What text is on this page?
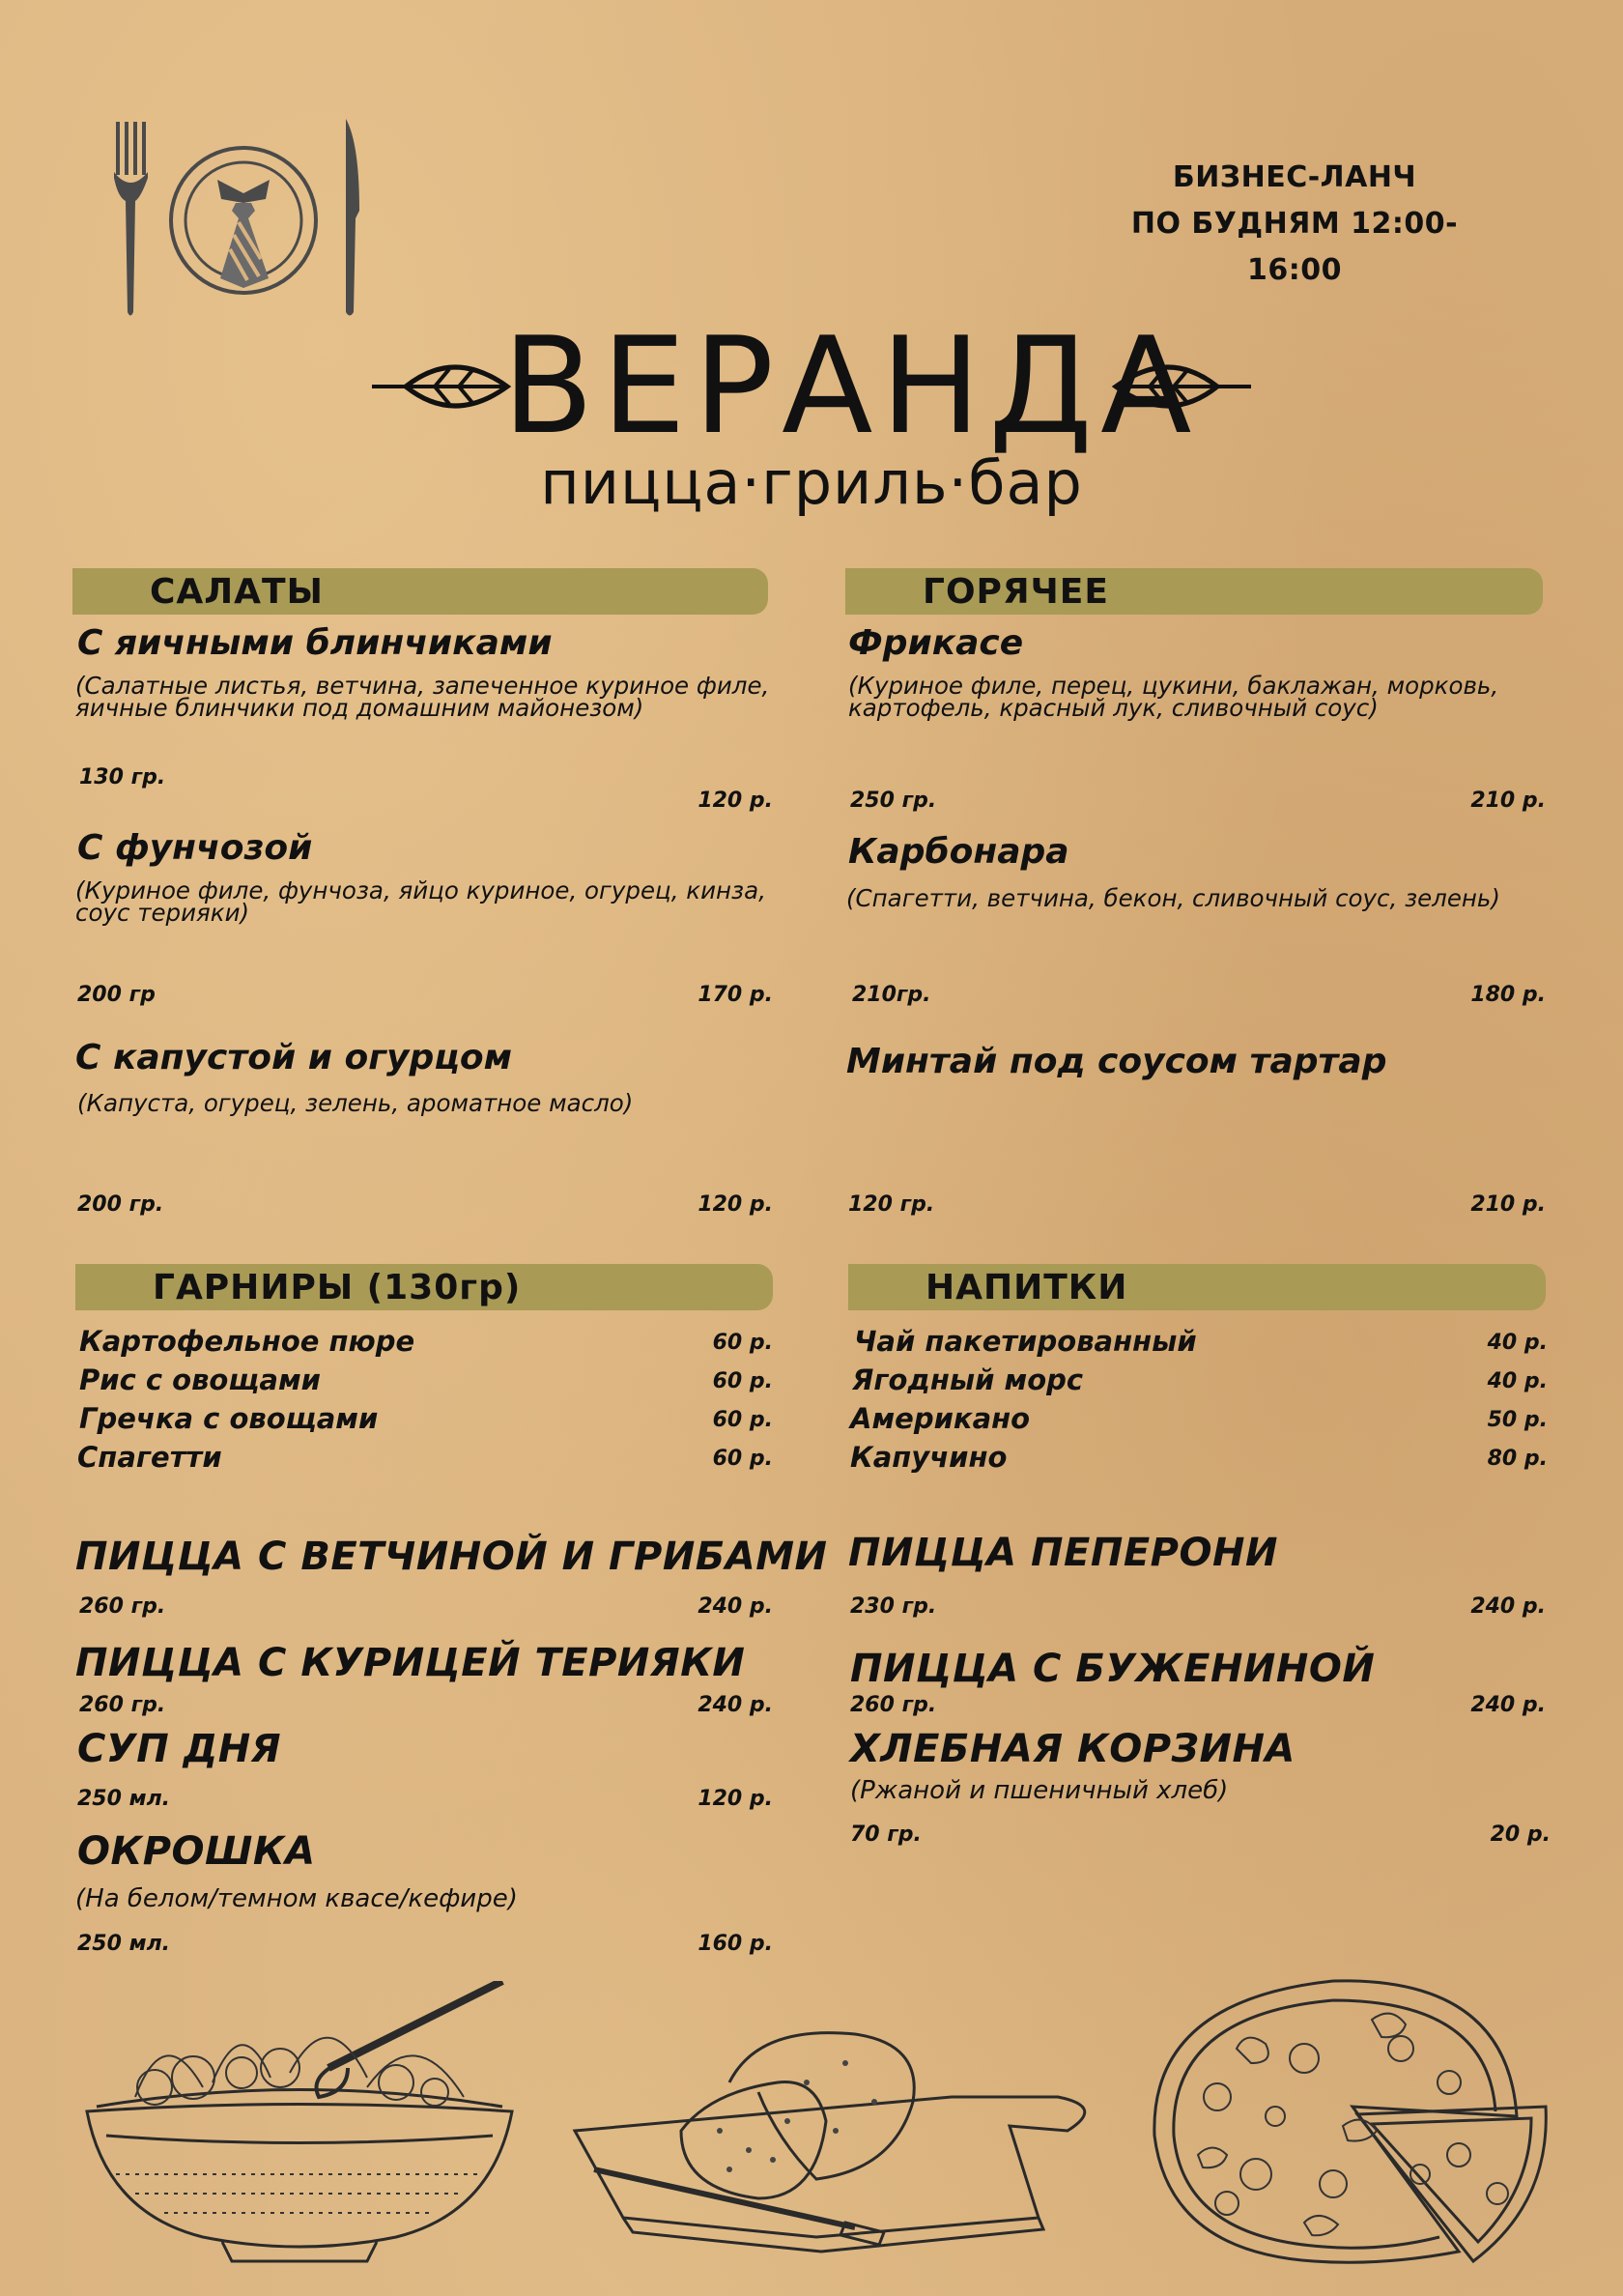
БИЗНЕС-ЛАНЧ
ПО БУДНЯМ 12:00-16:00
ВЕРАНДА
пицца·гриль·бар
САЛАТЫ
С яичными блинчиками
(Салатные листья, ветчина, запеченное куриное филе, яичные блинчики под домашним майонезом)
130 гр.
120 р.
С фунчозой
(Куриное филе, фунчоза, яйцо куриное, огурец, кинза, соус терияки)
200 гр	170 р.
С капустой и огурцом
(Капуста, огурец, зелень, ароматное масло)
200 гр.	120 р.
ГОРЯЧЕЕ
Фрикасе
(Куриное филе, перец, цукини, баклажан, морковь, картофель, красный лук, сливочный соус)
250 гр.	210 р.
Карбонара
(Спагетти, ветчина, бекон, сливочный соус, зелень)
210гр.	180 р.
Минтай под соусом тартар
120 гр.	210 р.
ГАРНИРЫ (130гр)
Картофельное пюре	60 р.
Рис с овощами	60 р.
Гречка с овощами	60 р.
Спагетти	60 р.
НАПИТКИ
Чай пакетированный	40 р.
Ягодный морс	40 р.
Американо	50 р.
Капучино	80 р.
ПИЦЦА С ВЕТЧИНОЙ И ГРИБАМИ
260 гр.	240 р.
ПИЦЦА С КУРИЦЕЙ ТЕРИЯКИ
260 гр.	240 р.
СУП ДНЯ
250 мл.	120 р.
ОКРОШКА
(На белом/темном квасе/кефире)
250 мл.	160 р.
ПИЦЦА ПЕПЕРОНИ
230 гр.	240 р.
ПИЦЦА С БУЖЕНИНОЙ
260 гр.	240 р.
ХЛЕБНАЯ КОРЗИНА
(Ржаной и пшеничный хлеб)
70 гр.	20 р.
